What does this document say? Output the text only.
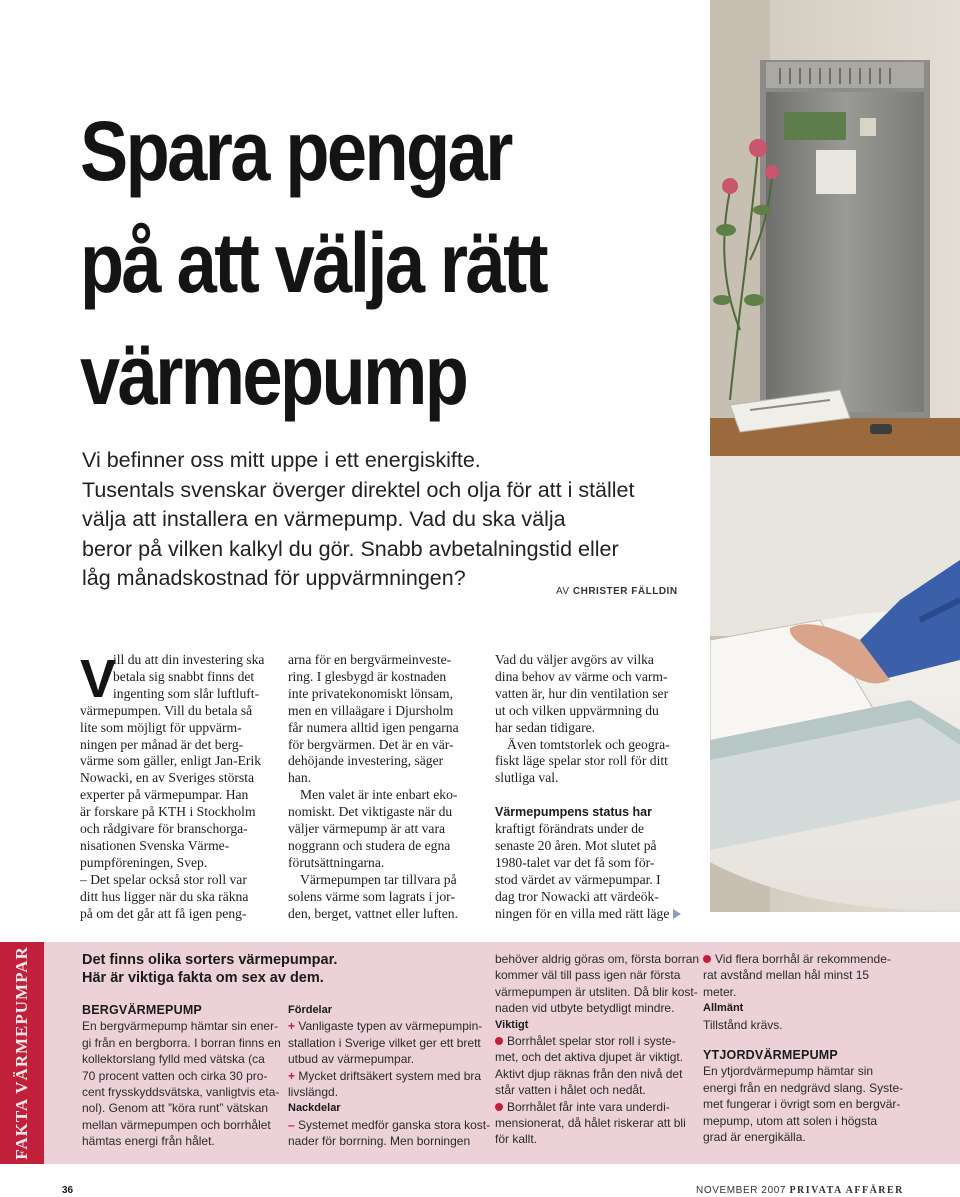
Spara pengar
på att välja rätt
värmepump
Vi befinner oss mitt uppe i ett energiskifte.
Tusentals svenskar överger direktel och olja för att i stället
välja att installera en värmepump. Vad du ska välja
beror på vilken kalkyl du gör. Snabb avbetalningstid eller
låg månadskostnad för uppvärmningen?
AV CHRISTER FÄLLDIN
V
ill du att din investering ska
betala sig snabbt finns det
ingenting som slår luftluft-
värmepumpen. Vill du betala så
lite som möjligt för uppvärm-
ningen per månad är det berg-
värme som gäller, enligt Jan-Erik
Nowacki, en av Sveriges största
experter på värmepumpar. Han
är forskare på KTH i Stockholm
och rådgivare för branschorga-
nisationen Svenska Värme-
pumpföreningen, Svep.
– Det spelar också stor roll var
ditt hus ligger när du ska räkna
på om det går att få igen peng-
arna för en bergvärmeinveste-
ring. I glesbygd är kostnaden
inte privatekonomiskt lönsam,
men en villaägare i Djursholm
får numera alltid igen pengarna
för bergvärmen. Det är en vär-
dehöjande investering, säger
han.
Men valet är inte enbart eko-
nomiskt. Det viktigaste när du
väljer värmepump är att vara
noggrann och studera de egna
förutsättningarna.
Värmepumpen tar tillvara på
solens värme som lagrats i jor-
den, berget, vattnet eller luften.
Vad du väljer avgörs av vilka
dina behov av värme och varm-
vatten är, hur din ventilation ser
ut och vilken uppvärmning du
har sedan tidigare.
Även tomtstorlek och geogra-
fiskt läge spelar stor roll för ditt
slutliga val.
Värmepumpens status har
kraftigt förändrats under de
senaste 20 åren. Mot slutet på
1980-talet var det få som för-
stod värdet av värmepumpar. I
dag tror Nowacki att värdeök-
ningen för en villa med rätt läge
FAKTA VÄRMEPUMPAR	Det finns olika sorters värmepumpar.
Här är viktiga fakta om sex av dem.
BERGVÄRMEPUMP
En bergvärmepump hämtar sin ener-
gi från en bergborra. I borran finns en
kollektorslang fylld med vätska (ca
70 procent vatten och cirka 30 pro-
cent frysskyddsvätska, vanligtvis eta-
nol). Genom att ”köra runt” vätskan
mellan värmepumpen och borrhålet
hämtas energi från hålet.
Fördelar
+ Vanligaste typen av värmepumpin-
stallation i Sverige vilket ger ett brett
utbud av värmepumpar.
+ Mycket driftsäkert system med bra
livslängd.
Nackdelar
– Systemet medför ganska stora kost-
nader för borrning. Men borningen
behöver aldrig göras om, första borran
kommer väl till pass igen när första
värmepumpen är utsliten. Då blir kost-
naden vid utbyte betydligt mindre.
Viktigt
Borrhålet spelar stor roll i syste-
met, och det aktiva djupet är viktigt.
Aktivt djup räknas från den nivå det
står vatten i hålet och nedåt.
Borrhålet får inte vara underdi-
mensionerat, då hålet riskerar att bli
för kallt.
Vid flera borrhål är rekommende-
rat avstånd mellan hål minst 15
meter.
Allmänt
Tillstånd krävs.
YTJORDVÄRMEPUMP
En ytjordvärmepump hämtar sin
energi från en nedgrävd slang. Syste-
met fungerar i övrigt som en bergvär-
mepump, utom att solen i högsta
grad är energikälla.
36	NOVEMBER 2007 PRIVATA AFFÄRER
